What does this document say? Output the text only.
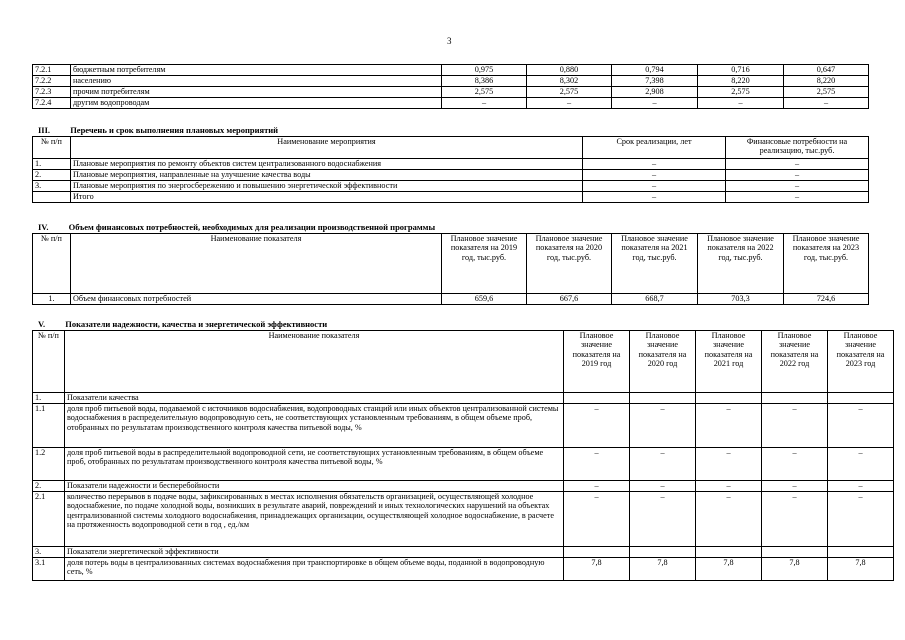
3
7.2.1	бюджетным потребителям	0,975	0,880	0,794	0,716	0,647
7.2.2	населению	8,386	8,302	7,398	8,220	8,220
7.2.3	прочим потребителям	2,575	2,575	2,908	2,575	2,575
7.2.4	другим водопроводам	–	–	–	–	–
III. Перечень и срок выполнения плановых мероприятий
№ п/п	Наименование мероприятия	Срок реализации, лет	Финансовые потребности на реализацию, тыс.руб.
1.	Плановые мероприятия по ремонту объектов систем централизованного водоснабжения	–	–
2.	Плановые мероприятия, направленные на улучшение качества воды	–	–
3.	Плановые мероприятия по энергосбережению и повышению энергетической эффективности	–	–
	Итого	–	–
IV. Объем финансовых потребностей, необходимых для реализации производственной программы
№ п/п	Наименование показателя	Плановое значение показателя на 2019 год, тыс.руб.	Плановое значение показателя на 2020 год, тыс.руб.	Плановое значение показателя на 2021 год, тыс.руб.	Плановое значение показателя на 2022 год, тыс.руб.	Плановое значение показателя на 2023 год, тыс.руб.
1.	Объем финансовых потребностей	659,6	667,6	668,7	703,3	724,6
V. Показатели надежности, качества и энергетической эффективности
№ п/п	Наименование показателя	Плановое значение показателя на 2019 год	Плановое значение показателя на 2020 год	Плановое значение показателя на 2021 год	Плановое значение показателя на 2022 год	Плановое значение показателя на 2023 год
1.	Показатели качества					
1.1	доля проб питьевой воды, подаваемой с источников водоснабжения, водопроводных станций или иных объектов централизованной системы водоснабжения в распределительную водопроводную сеть, не соответствующих установленным требованиям, в общем объеме проб, отобранных по результатам производственного контроля качества питьевой воды, %	–	–	–	–	–
1.2	доля проб питьевой воды в распределительной водопроводной сети, не соответствующих установленным требованиям, в общем объеме проб, отобранных по результатам производственного контроля качества питьевой воды, %	–	–	–	–	–
2.	Показатели надежности и бесперебойности	–	–	–	–	–
2.1	количество перерывов в подаче воды, зафиксированных в местах исполнения обязательств организацией, осуществляющей холодное водоснабжение, по подаче холодной воды, возникших в результате аварий, повреждений и иных технологических нарушений на объектах централизованной системы холодного водоснабжения, принадлежащих организации, осуществляющей холодное водоснабжение, в расчете на протяженность водопроводной сети в год , ед./км	–	–	–	–	–
3.	Показатели энергетической эффективности					
3.1	доля потерь воды в централизованных системах водоснабжения при транспортировке в общем объеме воды, поданной в водопроводную сеть, %	7,8	7,8	7,8	7,8	7,8
